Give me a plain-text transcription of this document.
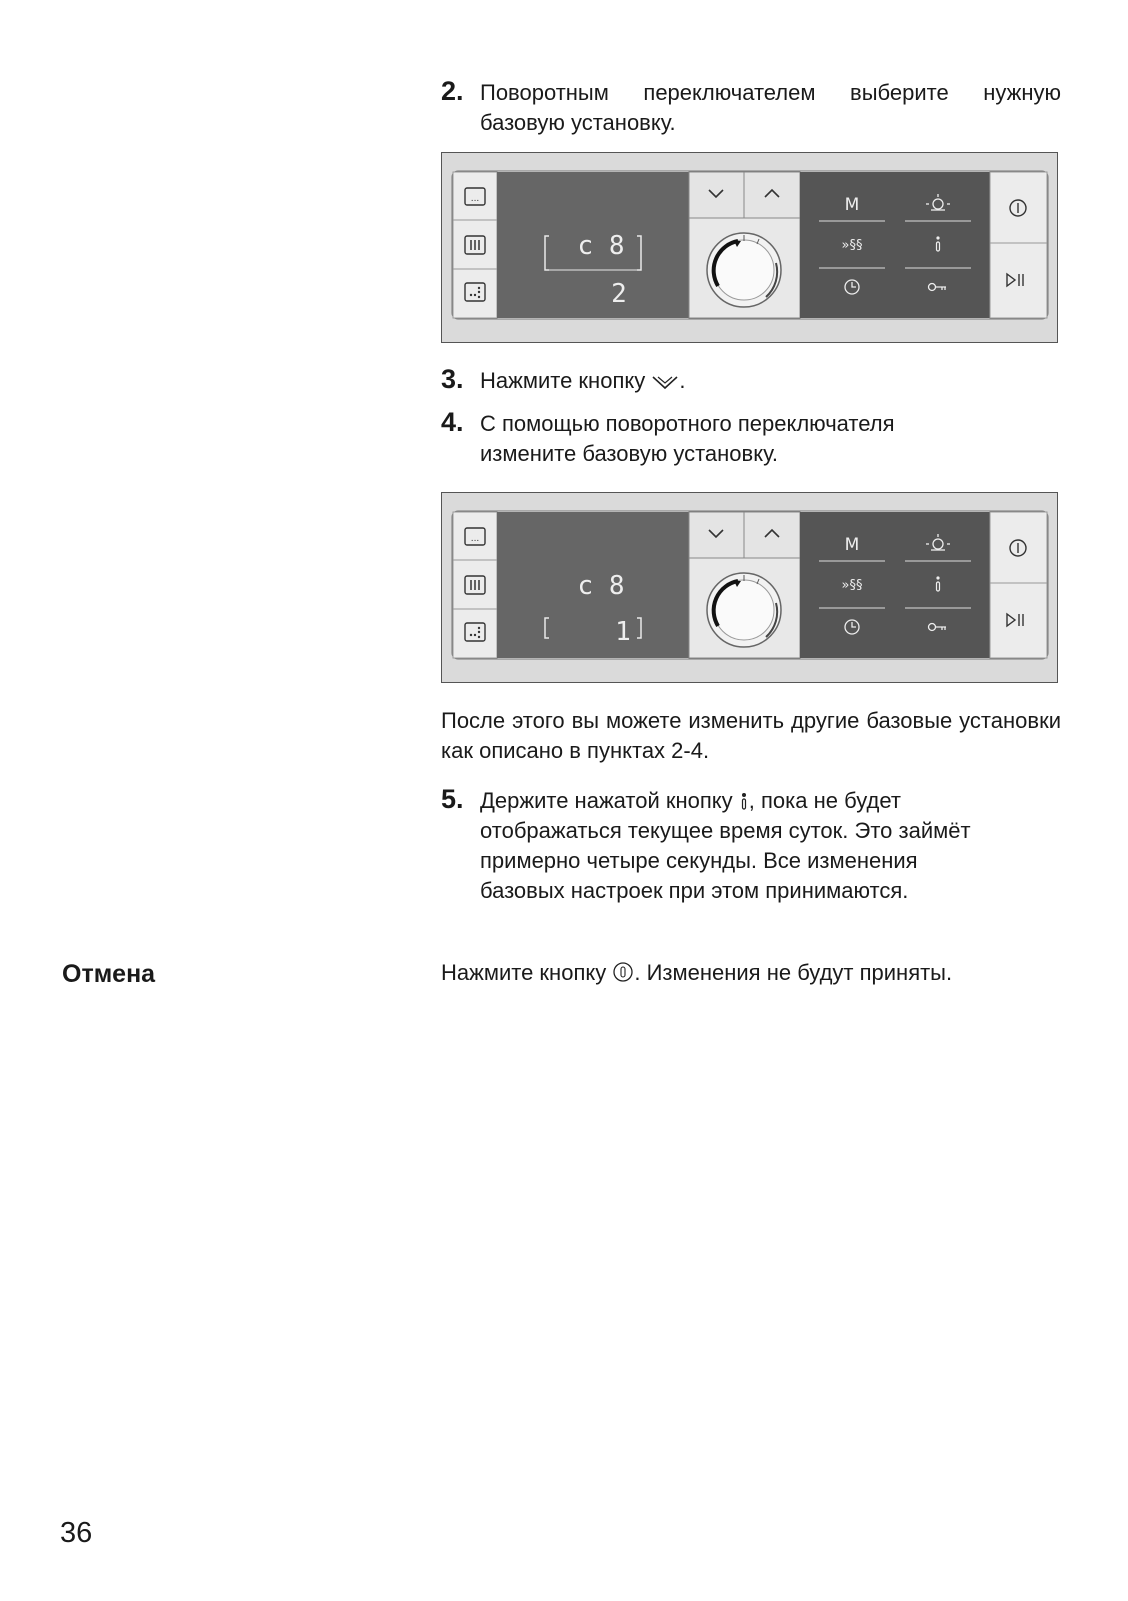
2. Поворотным переключателем выберите нужную базовую установку.
...
c 8
2
M
»§§
3. Нажмите кнопку .
4. С помощью поворотного переключателя измените базовую установку.
...
c 8
1
M
»§§
После этого вы можете изменить другие базовые установки как описано в пунктах 2-4.
5. Держите нажатой кнопку , пока не будет отображаться текущее время суток. Это займёт примерно четыре секунды. Все изменения базовых настроек при этом принимаются.
Отмена	Нажмите кнопку . Изменения не будут приняты.
36
